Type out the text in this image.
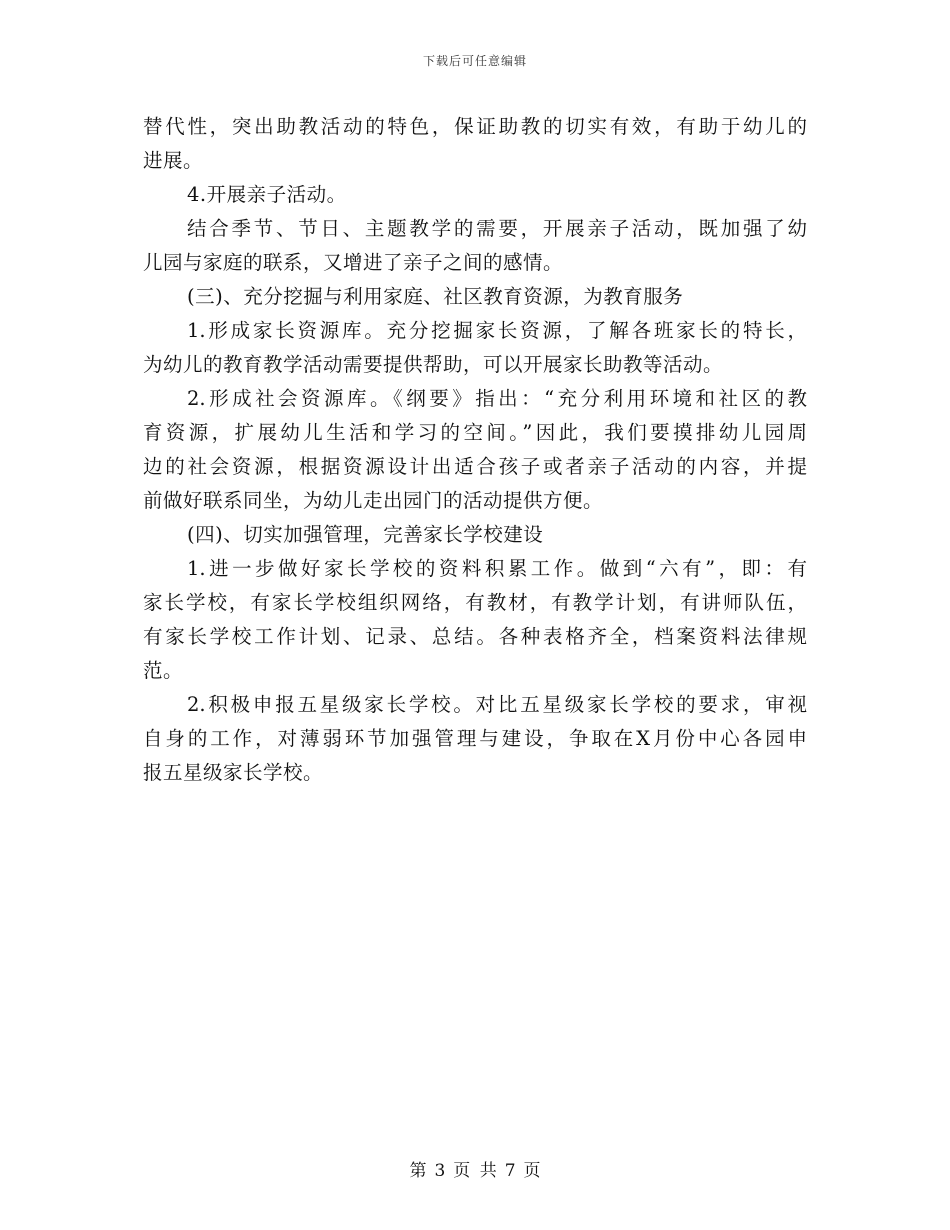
下载后可任意编辑
替代性，突出助教活动的特色，保证助教的切实有效，有助于幼儿的
进展。
4.开展亲子活动。
结合季节、节日、主题教学的需要，开展亲子活动，既加强了幼
儿园与家庭的联系，又增进了亲子之间的感情。
(三)、充分挖掘与利用家庭、社区教育资源，为教育服务
1.形成家长资源库。充分挖掘家长资源，了解各班家长的特长，
为幼儿的教育教学活动需要提供帮助，可以开展家长助教等活动。
2.形成社会资源库。《纲要》指出：“充分利用环境和社区的教
育资源，扩展幼儿生活和学习的空间。”因此，我们要摸排幼儿园周
边的社会资源，根据资源设计出适合孩子或者亲子活动的内容，并提
前做好联系同坐，为幼儿走出园门的活动提供方便。
(四)、切实加强管理，完善家长学校建设
1.进一步做好家长学校的资料积累工作。做到“六有”，即：有
家长学校，有家长学校组织网络，有教材，有教学计划，有讲师队伍，
有家长学校工作计划、记录、总结。各种表格齐全，档案资料法律规
范。
2.积极申报五星级家长学校。对比五星级家长学校的要求，审视
自身的工作，对薄弱环节加强管理与建设，争取在X月份中心各园申
报五星级家长学校。
第 3 页 共 7 页
